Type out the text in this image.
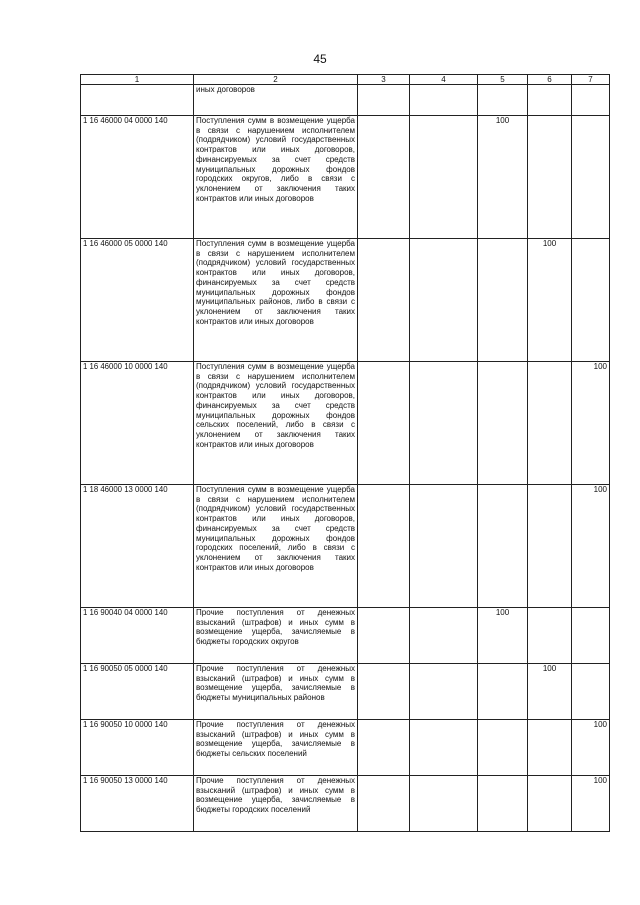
45
1	2	3	4	5	6	7
	иных договоров					
1 16 46000 04 0000 140	Поступления сумм в возмещение ущерба в связи с нарушением исполнителем (подрядчиком) условий государственных контрактов или иных договоров, финансируемых за счет средств муниципальных дорожных фондов городских округов, либо в связи с уклонением от заключения таких контрактов или иных договоров			100		
1 16 46000 05 0000 140	Поступления сумм в возмещение ущерба в связи с нарушением исполнителем (подрядчиком) условий государственных контрактов или иных договоров, финансируемых за счет средств муниципальных дорожных фондов муниципальных районов, либо в связи с уклонением от заключения таких контрактов или иных договоров				100	
1 16 46000 10 0000 140	Поступления сумм в возмещение ущерба в связи с нарушением исполнителем (подрядчиком) условий государственных контрактов или иных договоров, финансируемых за счет средств муниципальных дорожных фондов сельских поселений, либо в связи с уклонением от заключения таких контрактов или иных договоров					100
1 18 46000 13 0000 140	Поступления сумм в возмещение ущерба в связи с нарушением исполнителем (подрядчиком) условий государственных контрактов или иных договоров, финансируемых за счет средств муниципальных дорожных фондов городских поселений, либо в связи с уклонением от заключения таких контрактов или иных договоров					100
1 16 90040 04 0000 140	Прочие поступления от денежных взысканий (штрафов) и иных сумм в возмещение ущерба, зачисляемые в бюджеты городских округов			100		
1 16 90050 05 0000 140	Прочие поступления от денежных взысканий (штрафов) и иных сумм в возмещение ущерба, зачисляемые в бюджеты муниципальных районов				100	
1 16 90050 10 0000 140	Прочие поступления от денежных взысканий (штрафов) и иных сумм в возмещение ущерба, зачисляемые в бюджеты сельских поселений					100
1 16 90050 13 0000 140	Прочие поступления от денежных взысканий (штрафов) и иных сумм в возмещение ущерба, зачисляемые в бюджеты городских поселений					100
